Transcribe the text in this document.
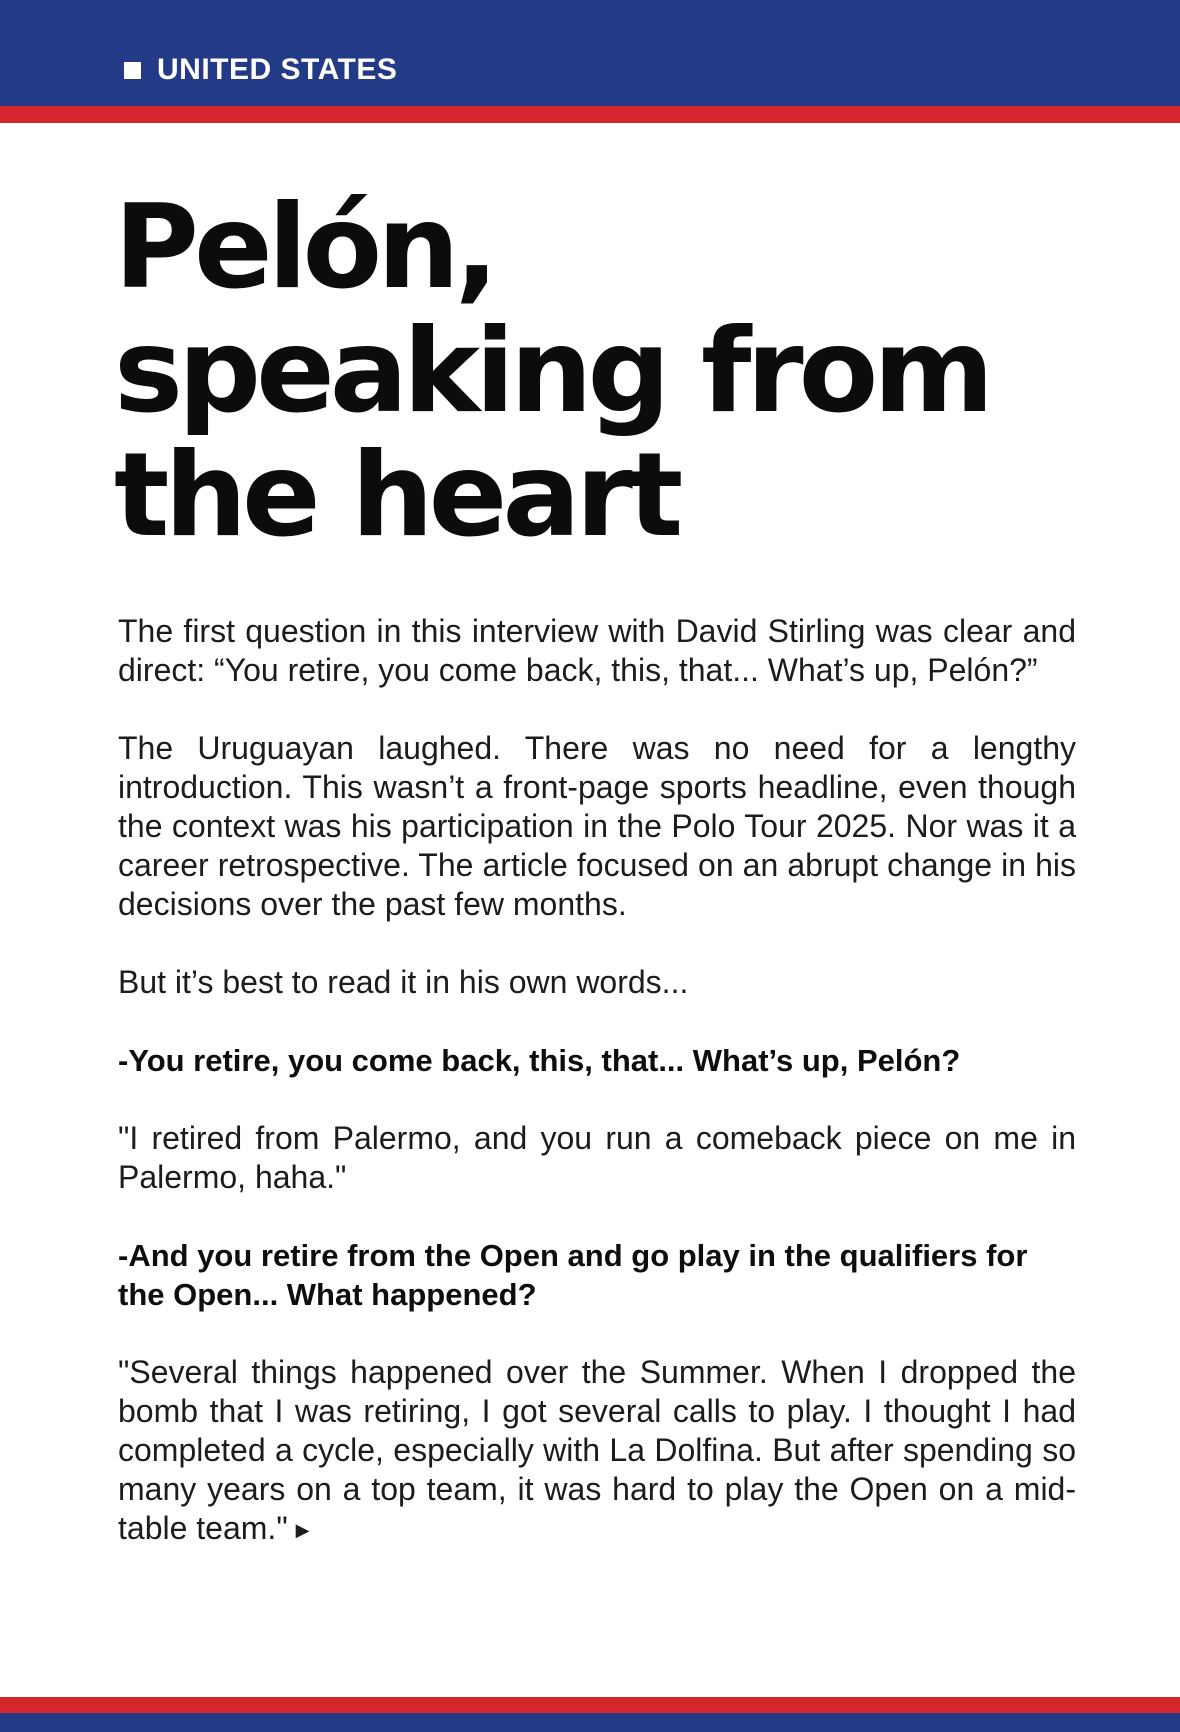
UNITED STATES
Pelón,
speaking from
the heart

The first question in this interview with David Stirling was clear and direct: “You retire, you come back, this, that... What’s up, Pelón?”

The Uruguayan laughed. There was no need for a lengthy introduction. This wasn’t a front-page sports headline, even though the context was his participation in the Polo Tour 2025. Nor was it a career retrospective. The article focused on an abrupt change in his decisions over the past few months.

But it’s best to read it in his own words...

-You retire, you come back, this, that... What’s up, Pelón?

"I retired from Palermo, and you run a comeback piece on me in Palermo, haha."

-And you retire from the Open and go play in the qualifiers for the Open... What happened?

"Several things happened over the Summer. When I dropped the bomb that I was retiring, I got several calls to play. I thought I had completed a cycle, especially with La Dolfina. But after spending so many years on a top team, it was hard to play the Open on a mid-table team." ▶
